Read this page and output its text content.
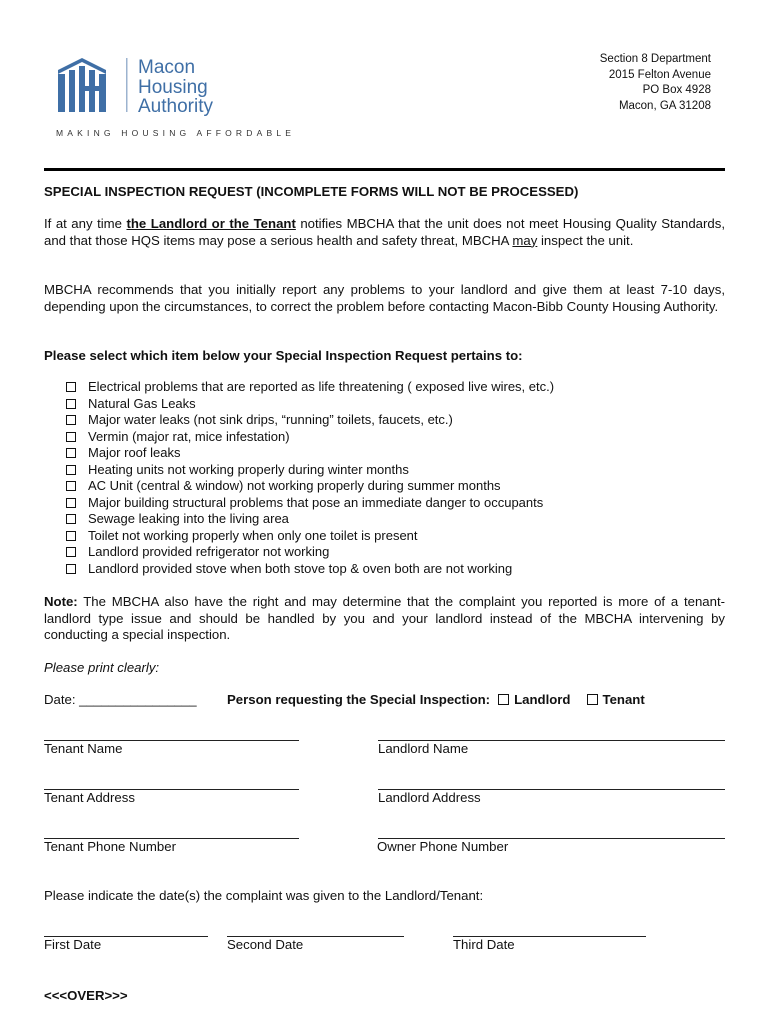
Macon
Housing
Authority
MAKING HOUSING AFFORDABLE
Section 8 Department
2015 Felton Avenue
PO Box 4928
Macon, GA 31208
SPECIAL INSPECTION REQUEST (INCOMPLETE FORMS WILL NOT BE PROCESSED)
If at any time the Landlord or the Tenant notifies MBCHA that the unit does not meet Housing Quality Standards, and that those HQS items may pose a serious health and safety threat, MBCHA may inspect the unit.
MBCHA recommends that you initially report any problems to your landlord and give them at least 7-10 days, depending upon the circumstances, to correct the problem before contacting Macon-Bibb County Housing Authority.
Please select which item below your Special Inspection Request pertains to:
Electrical problems that are reported as life threatening ( exposed live wires, etc.)
Natural Gas Leaks
Major water leaks (not sink drips, “running” toilets, faucets, etc.)
Vermin (major rat, mice infestation)
Major roof leaks
Heating units not working properly during winter months
AC Unit (central & window) not working properly during summer months
Major building structural problems that pose an immediate danger to occupants
Sewage leaking into the living area
Toilet not working properly when only one toilet is present
Landlord provided refrigerator not working
Landlord provided stove when both stove top & oven both are not working
Note: The MBCHA also have the right and may determine that the complaint you reported is more of a tenant-landlord type issue and should be handled by you and your landlord instead of the MBCHA intervening by conducting a special inspection.
Please print clearly:
Date: ________________ Person requesting the Special Inspection: Landlord Tenant
Tenant Name	Landlord Name
Tenant Address	Landlord Address
Tenant Phone Number	Owner Phone Number
Please indicate the date(s) the complaint was given to the Landlord/Tenant:
First Date	Second Date	Third Date
<<<OVER>>>
